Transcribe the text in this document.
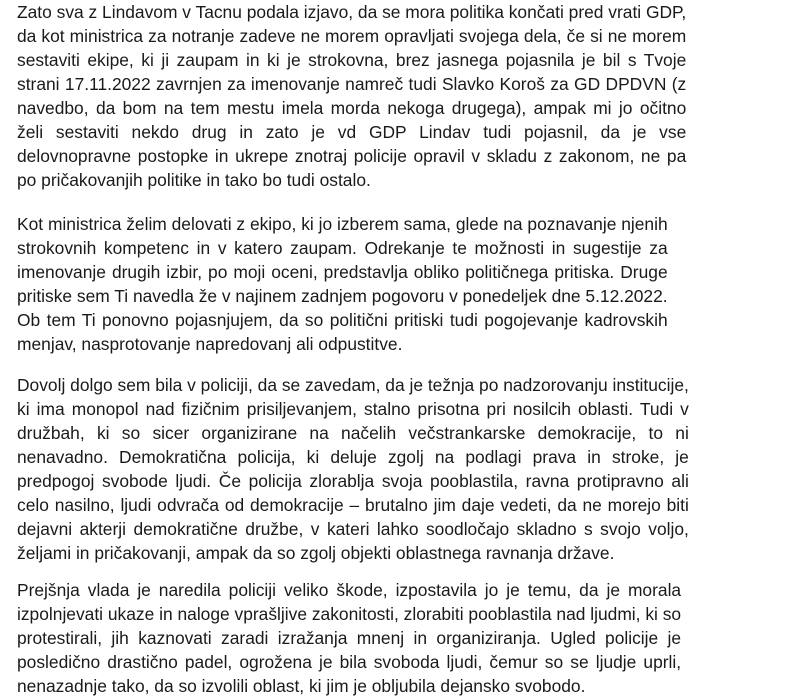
Zato sva z Lindavom v Tacnu podala izjavo, da se mora politika končati pred vrati GDP,
da kot ministrica za notranje zadeve ne morem opravljati svojega dela, če si ne morem
sestaviti ekipe, ki ji zaupam in ki je strokovna, brez jasnega pojasnila je bil s Tvoje
strani 17.11.2022 zavrnjen za imenovanje namreč tudi Slavko Koroš za GD DPDVN (z
navedbo, da bom na tem mestu imela morda nekoga drugega), ampak mi jo očitno
želi sestaviti nekdo drug in zato je vd GDP Lindav tudi pojasnil, da je vse
delovnopravne postopke in ukrepe znotraj policije opravil v skladu z zakonom, ne pa
po pričakovanjih politike in tako bo tudi ostalo.
Kot ministrica želim delovati z ekipo, ki jo izberem sama, glede na poznavanje njenih
strokovnih kompetenc in v katero zaupam. Odrekanje te možnosti in sugestije za
imenovanje drugih izbir, po moji oceni, predstavlja obliko političnega pritiska. Druge
pritiske sem Ti navedla že v najinem zadnjem pogovoru v ponedeljek dne 5.12.2022.
Ob tem Ti ponovno pojasnjujem, da so politični pritiski tudi pogojevanje kadrovskih
menjav, nasprotovanje napredovanj ali odpustitve.
Dovolj dolgo sem bila v policiji, da se zavedam, da je težnja po nadzorovanju institucije,
ki ima monopol nad fizičnim prisiljevanjem, stalno prisotna pri nosilcih oblasti. Tudi v
družbah, ki so sicer organizirane na načelih večstrankarske demokracije, to ni
nenavadno. Demokratična policija, ki deluje zgolj na podlagi prava in stroke, je
predpogoj svobode ljudi. Če policija zlorablja svoja pooblastila, ravna protipravno ali
celo nasilno, ljudi odvrača od demokracije – brutalno jim daje vedeti, da ne morejo biti
dejavni akterji demokratične družbe, v kateri lahko soodločajo skladno s svojo voljo,
željami in pričakovanji, ampak da so zgolj objekti oblastnega ravnanja države.
Prejšnja vlada je naredila policiji veliko škode, izpostavila jo je temu, da je morala
izpolnjevati ukaze in naloge vprašljive zakonitosti, zlorabiti pooblastila nad ljudmi, ki so
protestirali, jih kaznovati zaradi izražanja mnenj in organiziranja. Ugled policije je
posledično drastično padel, ogrožena je bila svoboda ljudi, čemur so se ljudje uprli,
nenazadnje tako, da so izvolili oblast, ki jim je obljubila dejansko svobodo.
